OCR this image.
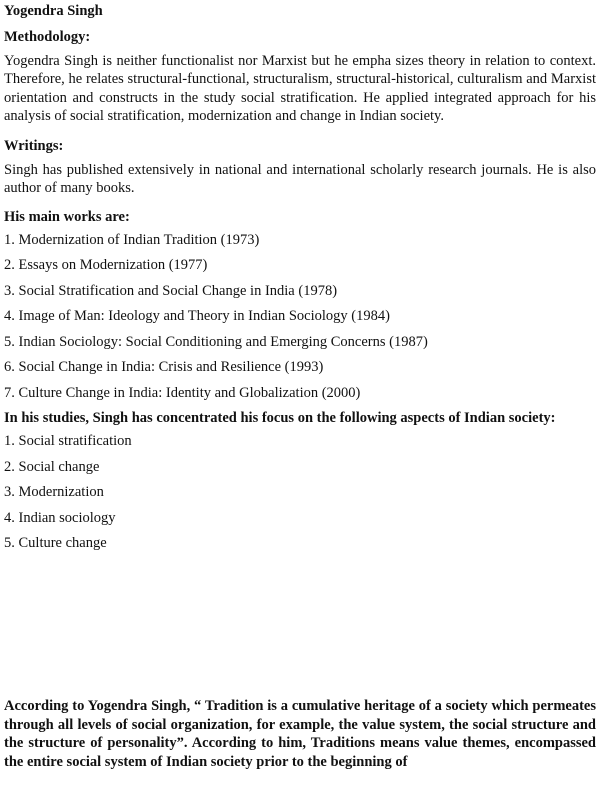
Yogendra Singh
Methodology:

Yogendra Singh is neither functionalist nor Marxist but he empha sizes theory in relation to context. Therefore, he relates structural-functional, structuralism, structural-historical, culturalism and Marxist orientation and constructs in the study social stratification. He applied integrated approach for his analysis of social stratification, modernization and change in Indian society.

Writings:

Singh has published extensively in national and international scholarly research journals. He is also author of many books.

His main works are:
1. Modernization of Indian Tradition (1973)
2. Essays on Modernization (1977)
3. Social Stratification and Social Change in India (1978)
4. Image of Man: Ideology and Theory in Indian Sociology (1984)
5. Indian Sociology: Social Conditioning and Emerging Concerns (1987)
6. Social Change in India: Crisis and Resilience (1993)
7. Culture Change in India: Identity and Globalization (2000)
In his studies, Singh has concentrated his focus on the following aspects of Indian society:
1. Social stratification
2. Social change
3. Modernization
4. Indian sociology
5. Culture change

According to Yogendra Singh, “ Tradition is a cumulative heritage of a society which permeates through all levels of social organization, for example, the value system, the social structure and the structure of personality”. According to him, Traditions means value themes, encompassed the entire social system of Indian society prior to the beginning of
